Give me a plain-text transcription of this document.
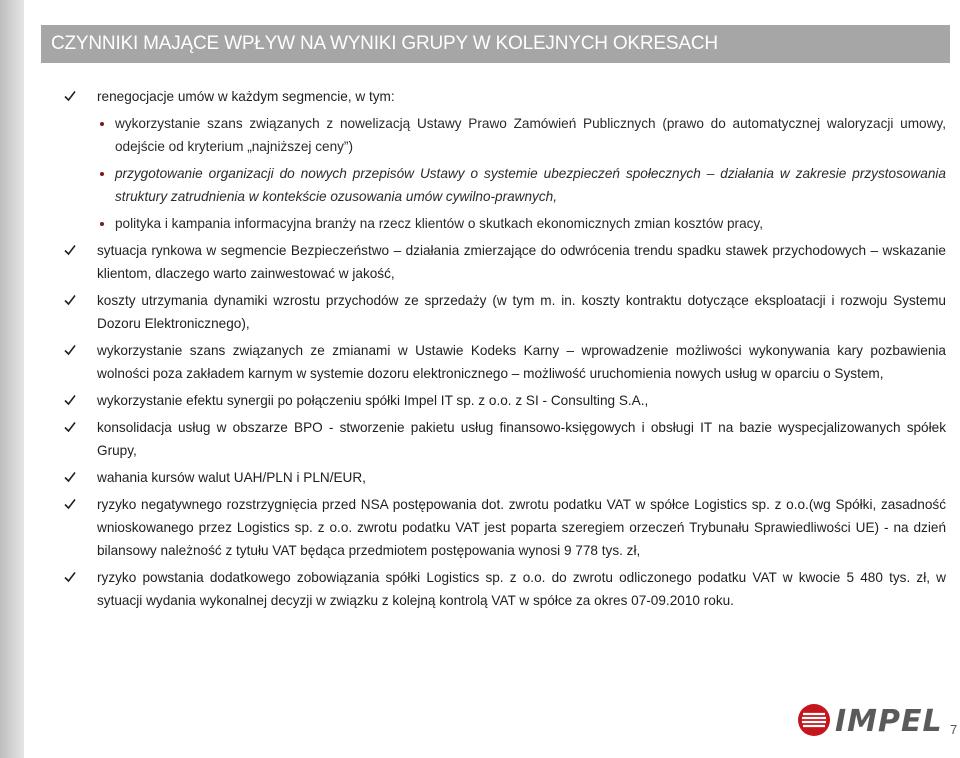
CZYNNIKI MAJĄCE WPŁYW NA WYNIKI GRUPY W KOLEJNYCH OKRESACH
renegocjacje umów w każdym segmencie, w tym:
wykorzystanie szans związanych z nowelizacją Ustawy Prawo Zamówień Publicznych (prawo do automatycznej waloryzacji umowy, odejście od kryterium „najniższej ceny”)
przygotowanie organizacji do nowych przepisów Ustawy o systemie ubezpieczeń społecznych – działania w zakresie przystosowania struktury zatrudnienia w kontekście ozusowania umów cywilno-prawnych,
polityka i kampania informacyjna branży na rzecz klientów o skutkach ekonomicznych zmian kosztów pracy,
sytuacja rynkowa w segmencie Bezpieczeństwo – działania zmierzające do odwrócenia trendu spadku stawek przychodowych – wskazanie klientom, dlaczego warto zainwestować w jakość,
koszty utrzymania dynamiki wzrostu przychodów ze sprzedaży (w tym m. in. koszty kontraktu dotyczące eksploatacji i rozwoju Systemu Dozoru Elektronicznego),
wykorzystanie szans związanych ze zmianami w Ustawie Kodeks Karny – wprowadzenie możliwości wykonywania kary pozbawienia wolności poza zakładem karnym w systemie dozoru elektronicznego – możliwość uruchomienia nowych usług w oparciu o System,
wykorzystanie efektu synergii po połączeniu spółki Impel IT sp. z o.o. z SI - Consulting S.A.,
konsolidacja usług w obszarze BPO - stworzenie pakietu usług finansowo-księgowych i obsługi IT na bazie wyspecjalizowanych spółek Grupy,
wahania kursów walut UAH/PLN i PLN/EUR,
ryzyko negatywnego rozstrzygnięcia przed NSA postępowania dot. zwrotu podatku VAT w spółce Logistics sp. z o.o.(wg Spółki, zasadność wnioskowanego przez Logistics sp. z o.o. zwrotu podatku VAT jest poparta szeregiem orzeczeń Trybunału Sprawiedliwości UE) - na dzień bilansowy należność z tytułu VAT będąca przedmiotem postępowania wynosi 9 778 tys. zł,
ryzyko powstania dodatkowego zobowiązania spółki Logistics sp. z o.o. do zwrotu odliczonego podatku VAT w kwocie 5 480 tys. zł, w sytuacji wydania wykonalnej decyzji w związku z kolejną kontrolą VAT w spółce za okres 07-09.2010 roku.
IMPEL 7
